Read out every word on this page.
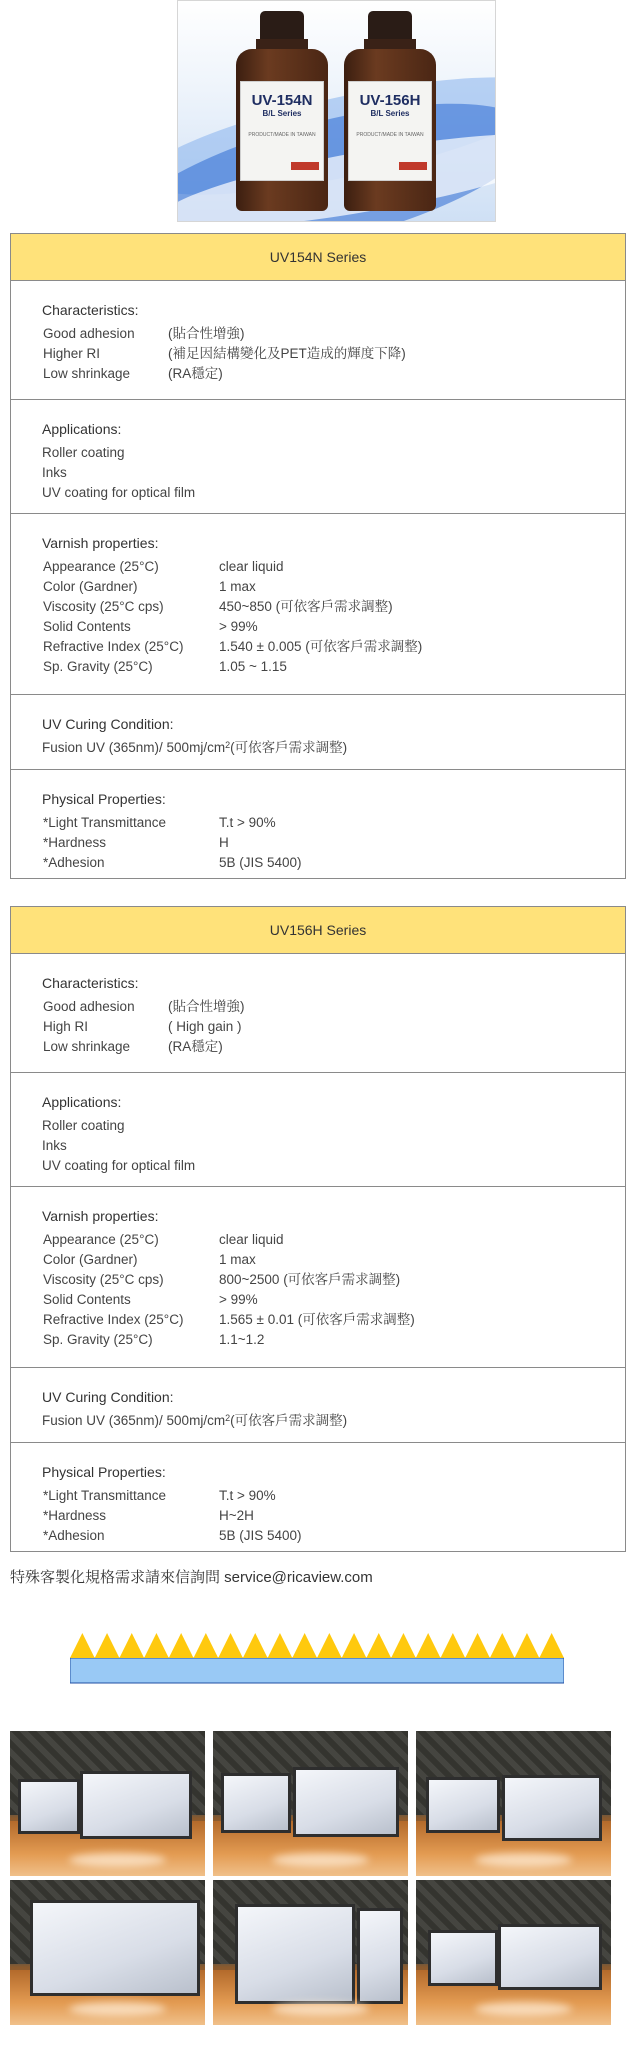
UV-154N
B/L Series
PRODUCT/MADE IN TAIWAN
UV-156H
B/L Series
PRODUCT/MADE IN TAIWAN
UV154N Series
Characteristics:
Good adhesion	(貼合性增強)
Higher RI	(補足因結構變化及PET造成的輝度下降)
Low shrinkage	(RA穩定)
Applications:
Roller coating
Inks
UV coating for optical film
Varnish properties:
Appearance (25°C)	clear liquid
Color (Gardner)	1 max
Viscosity (25°C cps)	450~850 (可依客戶需求調整)
Solid Contents	> 99%
Refractive Index (25°C)	1.540 ± 0.005 (可依客戶需求調整)
Sp. Gravity (25°C)	1.05 ~ 1.15
UV Curing Condition:
Fusion UV (365nm)/ $500mj/cm^2$ (可依客戶需求調整)
Physical Properties:
*Light Transmittance	T.t > 90%
*Hardness	H
*Adhesion	5B (JIS 5400)
UV156H Series
Characteristics:
Good adhesion	(貼合性增強)
High RI	( High gain )
Low shrinkage	(RA穩定)
Applications:
Roller coating
Inks
UV coating for optical film
Varnish properties:
Appearance (25°C)	clear liquid
Color (Gardner)	1 max
Viscosity (25°C cps)	800~2500 (可依客戶需求調整)
Solid Contents	> 99%
Refractive Index (25°C)	1.565 ± 0.01 (可依客戶需求調整)
Sp. Gravity (25°C)	1.1~1.2
UV Curing Condition:
Fusion UV (365nm)/ $500mj/cm^2$ (可依客戶需求調整)
Physical Properties:
*Light Transmittance	T.t > 90%
*Hardness	H~2H
*Adhesion	5B (JIS 5400)
特殊客製化規格需求請來信詢問 service@ricaview.com
